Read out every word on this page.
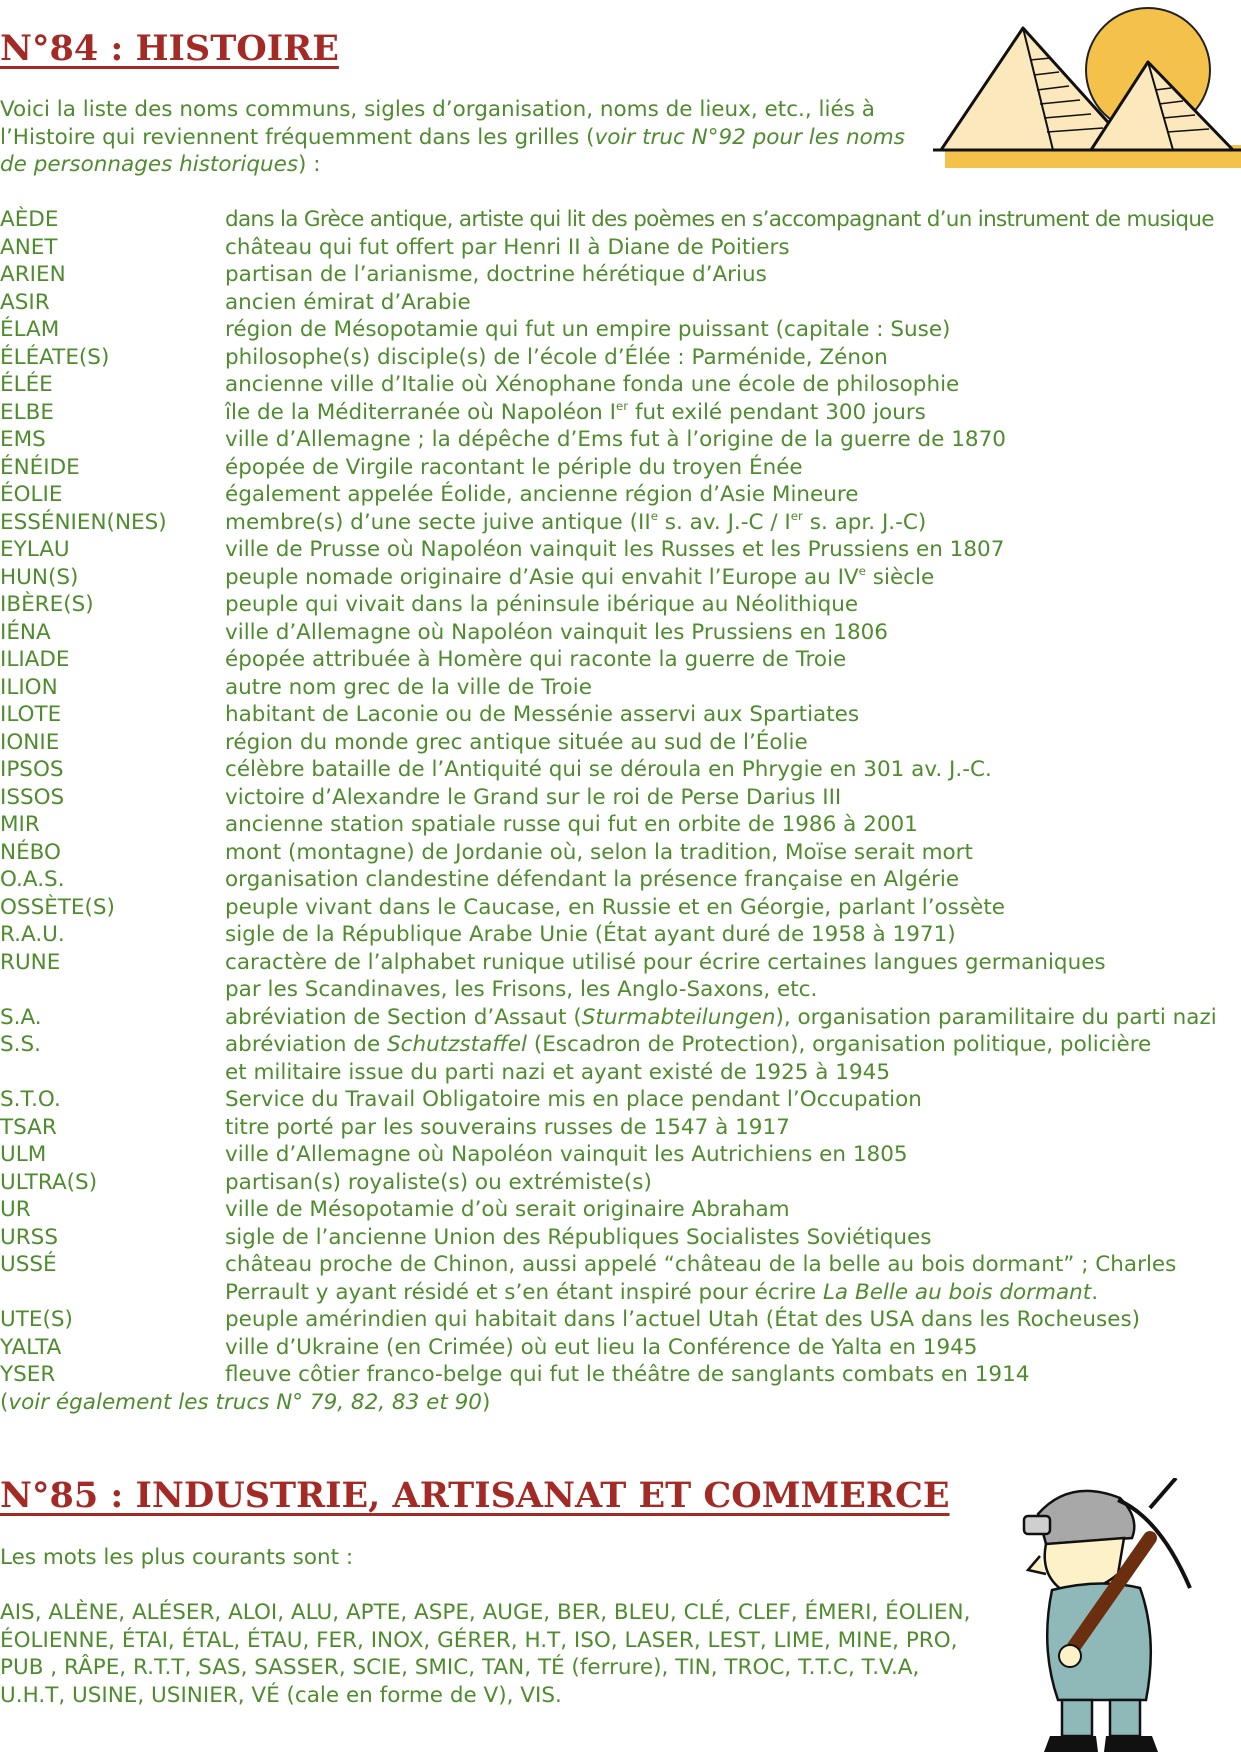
N°84 : HISTOIRE

Voici la liste des noms communs, sigles d’organisation, noms de lieux, etc., liés à l’Histoire qui reviennent fréquemment dans les grilles (voir truc N°92 pour les noms de personnages historiques) :

AÈDE	dans la Grèce antique, artiste qui lit des poèmes en s’accompagnant d’un instrument de musique
ANET	château qui fut offert par Henri II à Diane de Poitiers
ARIEN	partisan de l’arianisme, doctrine hérétique d’Arius
ASIR	ancien émirat d’Arabie
ÉLAM	région de Mésopotamie qui fut un empire puissant (capitale : Suse)
ÉLÉATE(S)	philosophe(s) disciple(s) de l’école d’Élée : Parménide, Zénon
ÉLÉE	ancienne ville d’Italie où Xénophane fonda une école de philosophie
ELBE	île de la Méditerranée où Napoléon Ier fut exilé pendant 300 jours
EMS	ville d’Allemagne ; la dépêche d’Ems fut à l’origine de la guerre de 1870
ÉNÉIDE	épopée de Virgile racontant le périple du troyen Énée
ÉOLIE	également appelée Éolide, ancienne région d’Asie Mineure
ESSÉNIEN(NES)	membre(s) d’une secte juive antique (IIe s. av. J.-C / Ier s. apr. J.-C)
EYLAU	ville de Prusse où Napoléon vainquit les Russes et les Prussiens en 1807
HUN(S)	peuple nomade originaire d’Asie qui envahit l’Europe au IVe siècle
IBÈRE(S)	peuple qui vivait dans la péninsule ibérique au Néolithique
IÉNA	ville d’Allemagne où Napoléon vainquit les Prussiens en 1806
ILIADE	épopée attribuée à Homère qui raconte la guerre de Troie
ILION	autre nom grec de la ville de Troie
ILOTE	habitant de Laconie ou de Messénie asservi aux Spartiates
IONIE	région du monde grec antique située au sud de l’Éolie
IPSOS	célèbre bataille de l’Antiquité qui se déroula en Phrygie en 301 av. J.-C.
ISSOS	victoire d’Alexandre le Grand sur le roi de Perse Darius III
MIR	ancienne station spatiale russe qui fut en orbite de 1986 à 2001
NÉBO	mont (montagne) de Jordanie où, selon la tradition, Moïse serait mort
O.A.S.	organisation clandestine défendant la présence française en Algérie
OSSÈTE(S)	peuple vivant dans le Caucase, en Russie et en Géorgie, parlant l’ossète
R.A.U.	sigle de la République Arabe Unie (État ayant duré de 1958 à 1971)
RUNE	caractère de l’alphabet runique utilisé pour écrire certaines langues germaniques
par les Scandinaves, les Frisons, les Anglo-Saxons, etc.
S.A.	abréviation de Section d’Assaut (Sturmabteilungen), organisation paramilitaire du parti nazi
S.S.	abréviation de Schutzstaffel (Escadron de Protection), organisation politique, policière
et militaire issue du parti nazi et ayant existé de 1925 à 1945
S.T.O.	Service du Travail Obligatoire mis en place pendant l’Occupation
TSAR	titre porté par les souverains russes de 1547 à 1917
ULM	ville d’Allemagne où Napoléon vainquit les Autrichiens en 1805
ULTRA(S)	partisan(s) royaliste(s) ou extrémiste(s)
UR	ville de Mésopotamie d’où serait originaire Abraham
URSS	sigle de l’ancienne Union des Républiques Socialistes Soviétiques
USSÉ	château proche de Chinon, aussi appelé “château de la belle au bois dormant” ; Charles
Perrault y ayant résidé et s’en étant inspiré pour écrire La Belle au bois dormant.
UTE(S)	peuple amérindien qui habitait dans l’actuel Utah (État des USA dans les Rocheuses)
YALTA	ville d’Ukraine (en Crimée) où eut lieu la Conférence de Yalta en 1945
YSER	fleuve côtier franco-belge qui fut le théâtre de sanglants combats en 1914
( voir également les trucs N° 79, 82, 83 et 90 )
N°85 : INDUSTRIE, ARTISANAT ET COMMERCE

Les mots les plus courants sont :

AIS, ALÈNE, ALÉSER, ALOI, ALU, APTE, ASPE, AUGE, BER, BLEU, CLÉ, CLEF, ÉMERI, ÉOLIEN, ÉOLIENNE, ÉTAI, ÉTAL, ÉTAU, FER, INOX, GÉRER, H.T, ISO, LASER, LEST, LIME, MINE, PRO, PUB , RÂPE, R.T.T, SAS, SASSER, SCIE, SMIC, TAN, TÉ (ferrure), TIN, TROC, T.T.C, T.V.A, U.H.T, USINE, USINIER, VÉ (cale en forme de V), VIS.
